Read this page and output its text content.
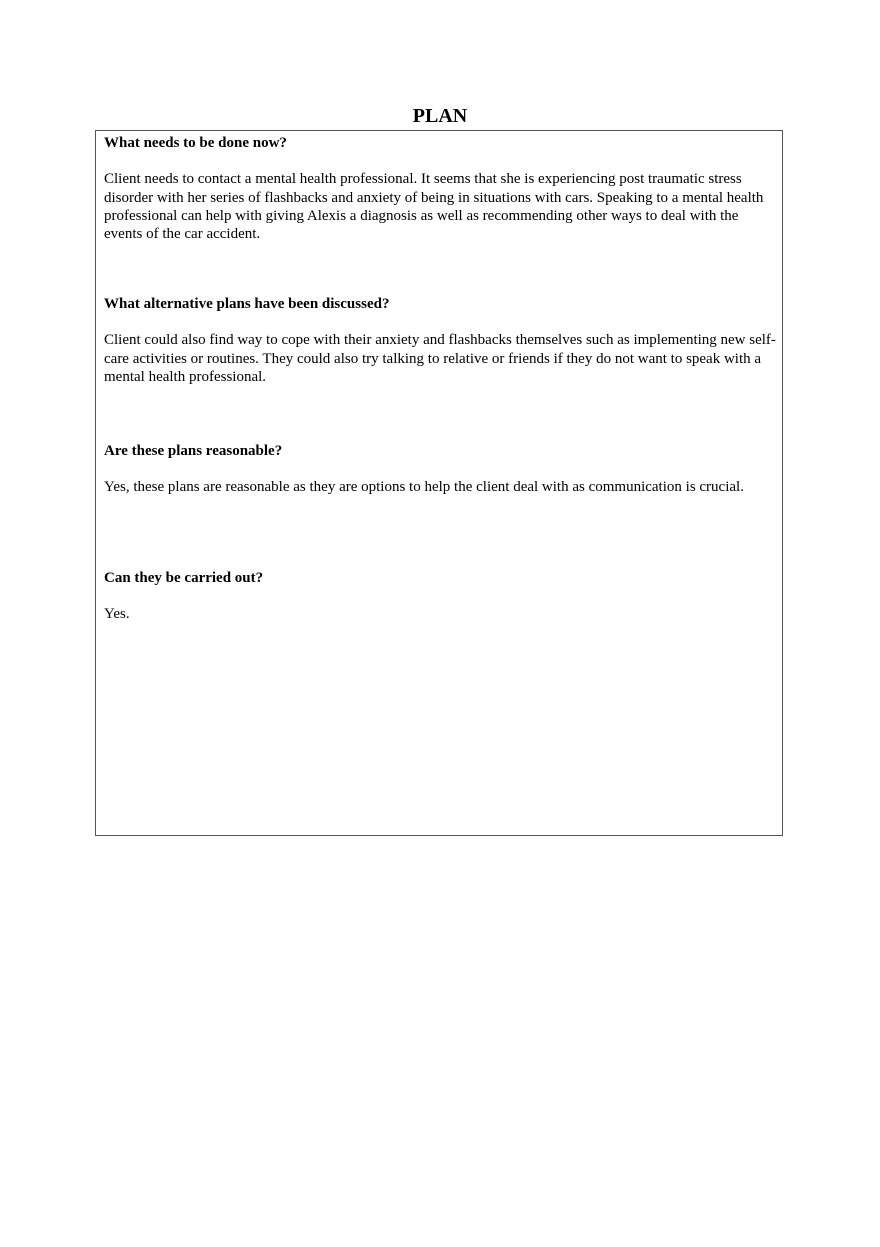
PLAN

What needs to be done now?

Client needs to contact a mental health professional. It seems that she is experiencing post traumatic stress disorder with her series of flashbacks and anxiety of being in situations with cars. Speaking to a mental health professional can help with giving Alexis a diagnosis as well as recommending other ways to deal with the events of the car accident.

What alternative plans have been discussed?

Client could also find way to cope with their anxiety and flashbacks themselves such as implementing new self-care activities or routines. They could also try talking to relative or friends if they do not want to speak with a mental health professional.

Are these plans reasonable?

Yes, these plans are reasonable as they are options to help the client deal with as communication is crucial.

Can they be carried out?

Yes.
